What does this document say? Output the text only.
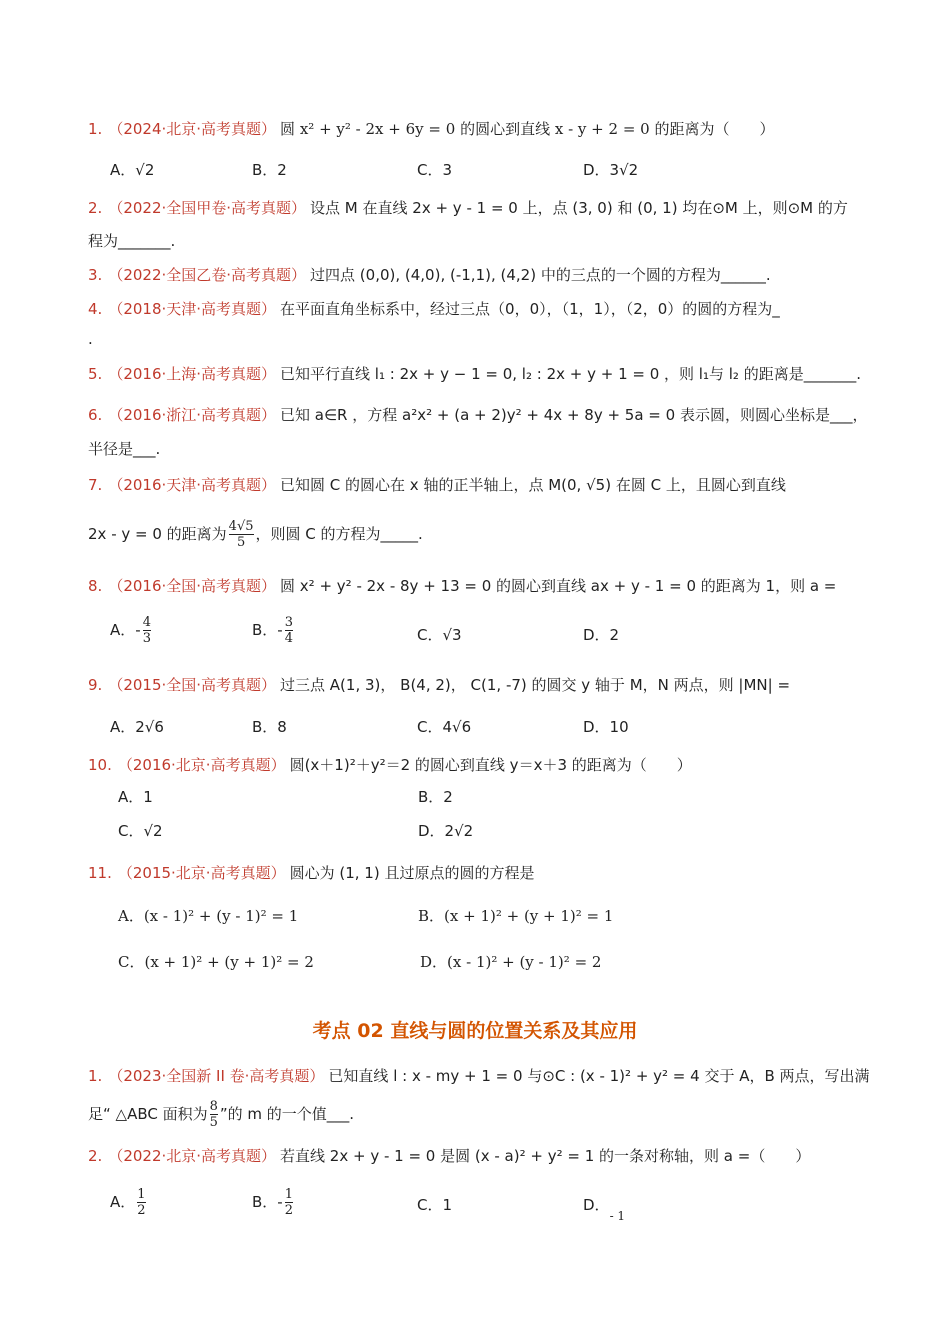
1. （2024·北京·高考真题） 圆 x² + y² - 2x + 6y = 0 的圆心到直线 x - y + 2 = 0 的距离为（　　）
A．√2	B．2	C．3	D．3√2
2. （2022·全国甲卷·高考真题） 设点 M 在直线 2x + y - 1 = 0 上，点 (3, 0) 和 (0, 1) 均在⊙M 上，则⊙M 的方
程为_______.
3. （2022·全国乙卷·高考真题） 过四点 (0,0), (4,0), (-1,1), (4,2) 中的三点的一个圆的方程为______.
4. （2018·天津·高考真题） 在平面直角坐标系中，经过三点（0，0），（1，1），（2，0）的圆的方程为_
.
5. （2016·上海·高考真题） 已知平行直线 l₁ : 2x + y − 1 = 0, l₂ : 2x + y + 1 = 0 ，则 l₁与 l₂ 的距离是_______.
6. （2016·浙江·高考真题） 已知 a∈R ，方程 a²x² + (a + 2)y² + 4x + 8y + 5a = 0 表示圆，则圆心坐标是___，
半径是___.
7. （2016·天津·高考真题） 已知圆 C 的圆心在 x 轴的正半轴上，点 M(0, √5) 在圆 C 上，且圆心到直线
2x - y = 0 的距离为 $\frac{4√5}{5}$ ，则圆 C 的方程为_____.
8. （2016·全国·高考真题） 圆 x² + y² - 2x - 8y + 13 = 0 的圆心到直线 ax + y - 1 = 0 的距离为 1，则 a =
A．- $\frac{4}{3}$	B．- $\frac{3}{4}$	C．√3	D．2
9. （2015·全国·高考真题） 过三点 A(1, 3)， B(4, 2)， C(1, -7) 的圆交 y 轴于 M，N 两点，则 |MN| =
A．2√6	B．8	C．4√6	D．10
10. （2016·北京·高考真题） 圆(x＋1)²＋y²＝2 的圆心到直线 y＝x＋3 的距离为（　　）
A．1	B．2
C．√2	D．2√2
11. （2015·北京·高考真题） 圆心为 (1, 1) 且过原点的圆的方程是
A．(x - 1)² + (y - 1)² = 1	B．(x + 1)² + (y + 1)² = 1
C．(x + 1)² + (y + 1)² = 2	D．(x - 1)² + (y - 1)² = 2
考点 02 直线与圆的位置关系及其应用
1. （2023·全国新 II 卷·高考真题） 已知直线 l : x - my + 1 = 0 与⊙C : (x - 1)² + y² = 4 交于 A，B 两点，写出满
足“ △ABC 面积为 $\frac{8}{5}$ ”的 m 的一个值___.
2. （2022·北京·高考真题） 若直线 2x + y - 1 = 0 是圆 (x - a)² + y² = 1 的一条对称轴，则 a =（　　）
A． $\frac{1}{2}$	B．- $\frac{1}{2}$	C．1	D．$_{- 1}$
